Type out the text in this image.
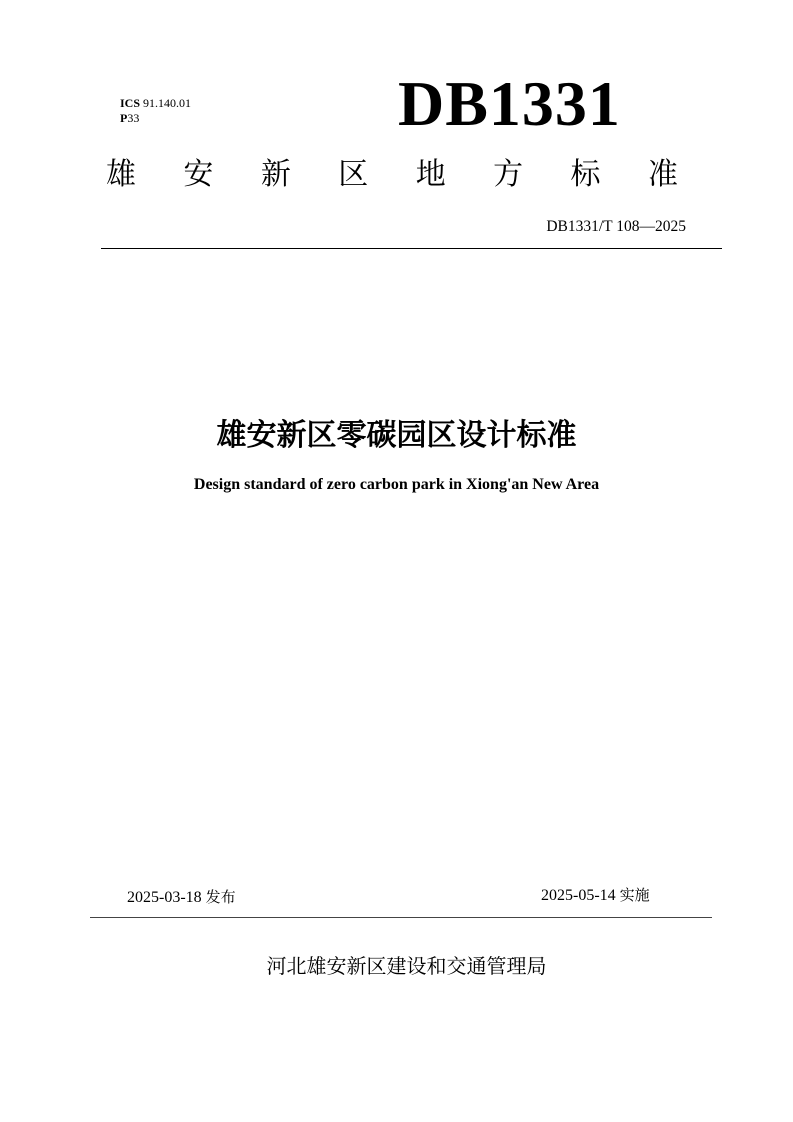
ICS 91.140.01
P33	DB1331
雄 安 新 区 地 方 标 准
DB1331/T 108—2025
雄安新区零碳园区设计标准
Design standard of zero carbon park in Xiong'an New Area
2025-03-18 发布	2025-05-14 实施
河北雄安新区建设和交通管理局
